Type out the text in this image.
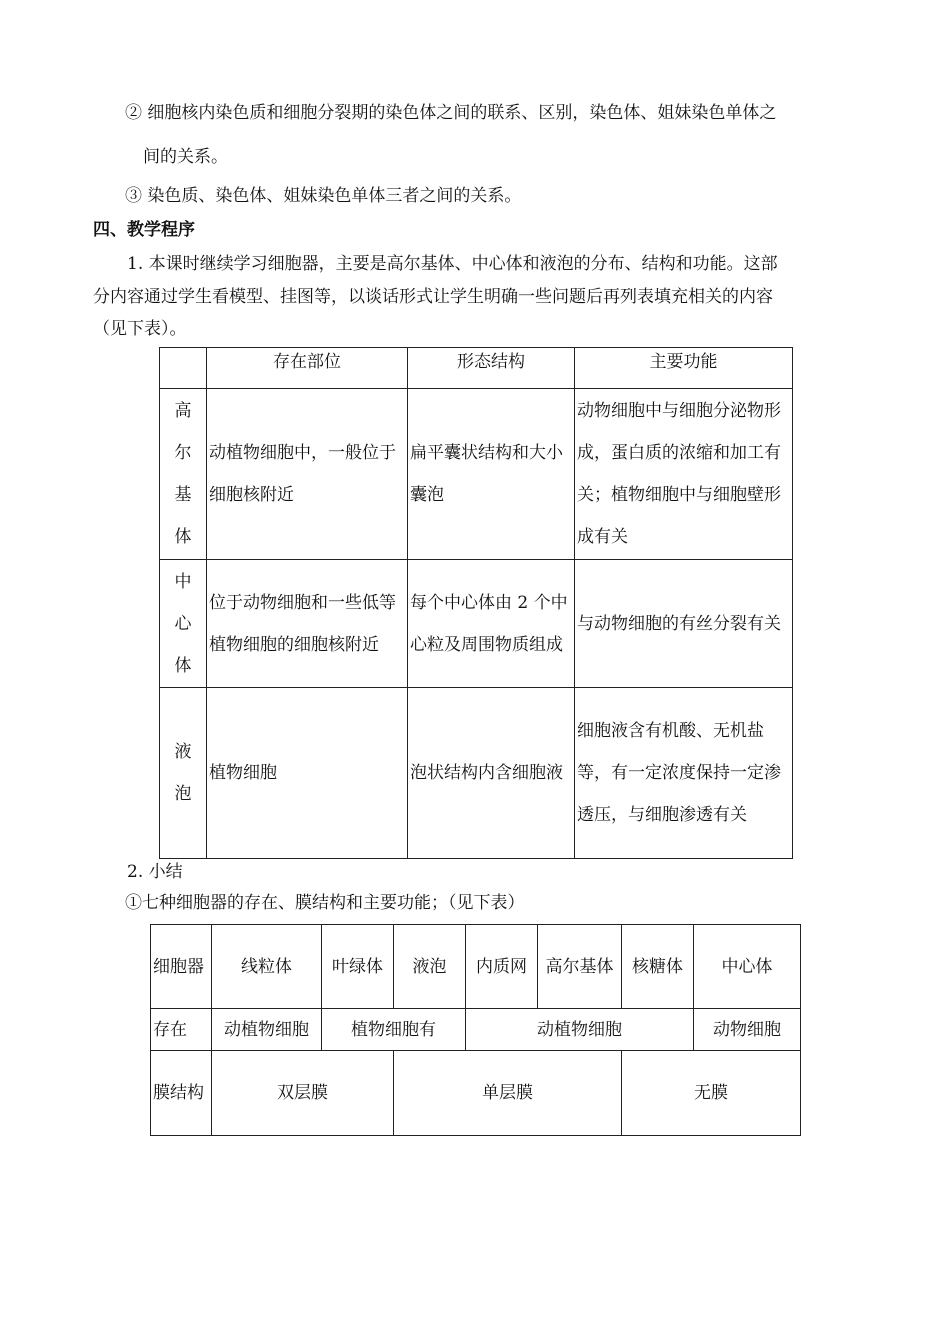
② 细胞核内染色质和细胞分裂期的染色体之间的联系、区别，染色体、姐妹染色单体之
间的关系。
③ 染色质、染色体、姐妹染色单体三者之间的关系。
四、教学程序
1. 本课时继续学习细胞器，主要是高尔基体、中心体和液泡的分布、结构和功能。这部
分内容通过学生看模型、挂图等，以谈话形式让学生明确一些问题后再列表填充相关的内容
（见下表）。
	存在部位	形态结构	主要功能

高
尔
基
体	动植物细胞中，一般位于细胞核附近	扁平囊状结构和大小囊泡	动物细胞中与细胞分泌物形成，蛋白质的浓缩和加工有关；植物细胞中与细胞壁形成有关

中
心
体	位于动物细胞和一些低等植物细胞的细胞核附近	每个中心体由 2 个中心粒及周围物质组成	与动物细胞的有丝分裂有关

液
泡	植物细胞	泡状结构内含细胞液	细胞液含有机酸、无机盐等，有一定浓度保持一定渗透压，与细胞渗透有关
2. 小结
①七种细胞器的存在、膜结构和主要功能；（见下表）
细胞器	线粒体	叶绿体	液泡	内质网	高尔基体	核糖体	中心体
存在	动植物细胞	植物细胞有		动植物细胞			动物细胞
膜结构	双层膜		单层膜			无膜	
